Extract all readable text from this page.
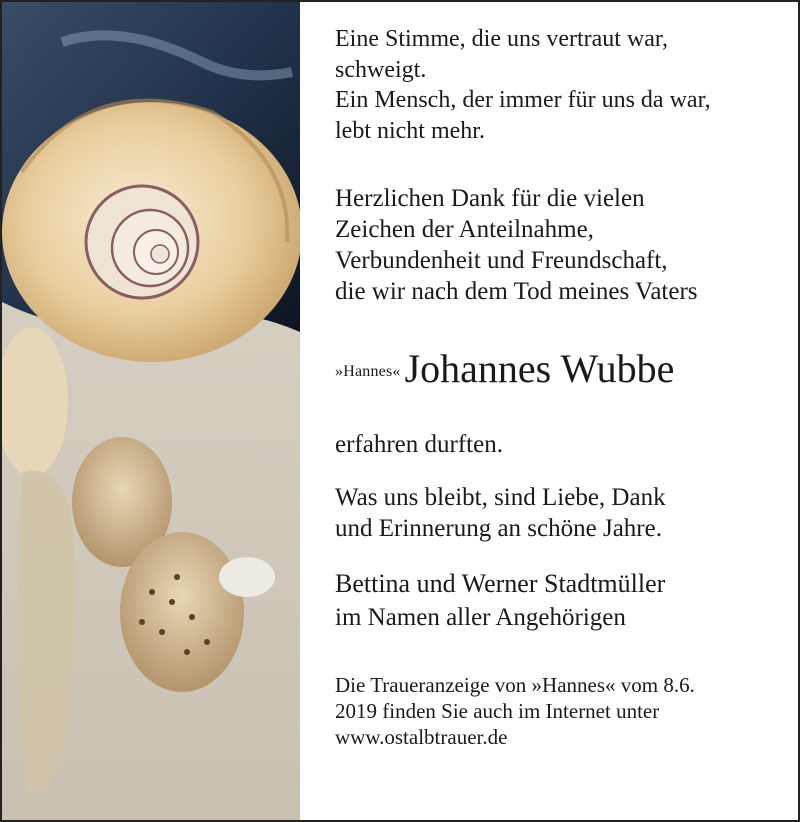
Eine Stimme, die uns vertraut war,

schweigt.

Ein Mensch, der immer für uns da war,

lebt nicht mehr.

Herzlichen Dank für die vielen

Zeichen der Anteilnahme,

Verbundenheit und Freundschaft,

die wir nach dem Tod meines Vaters

»Hannes« Johannes Wubbe

erfahren durften.

Was uns bleibt, sind Liebe, Dank

und Erinnerung an schöne Jahre.

Bettina und Werner Stadtmüller
im Namen aller Angehörigen
Die Traueranzeige von »Hannes« vom 8.6.
2019 finden Sie auch im Internet unter
www.ostalbtrauer.de
